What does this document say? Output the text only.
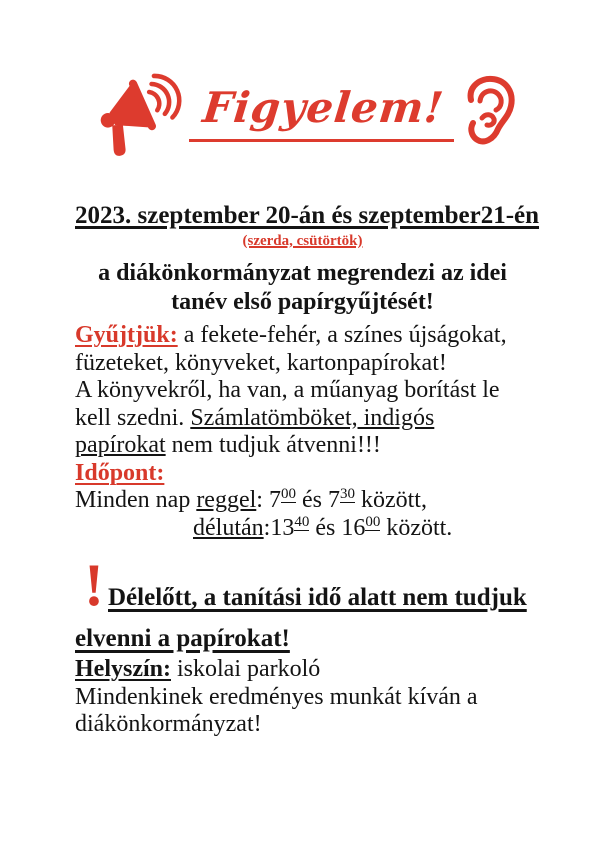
Figyelem!
2023. szeptember 20-án és szeptember21-én
(szerda, csütörtök)
a diákönkormányzat megrendezi az idei
tanév első papírgyűjtését!
Gyűjtjük: a fekete-fehér, a színes újságokat,
füzeteket, könyveket, kartonpapírokat!
A könyvekről, ha van, a műanyag borítást le
kell szedni. Számlatömböket, indigós
papírokat nem tudjuk átvenni!!!
Időpont:
Minden nap reggel: $7^{00}$ és $7^{30}$ között,
$délután:13^{40}$ és $16^{00}$ között.
! Délelőtt, a tanítási idő alatt nem tudjuk
elvenni a papírokat!
Helyszín: iskolai parkoló
Mindenkinek eredményes munkát kíván a
diákönkormányzat!
